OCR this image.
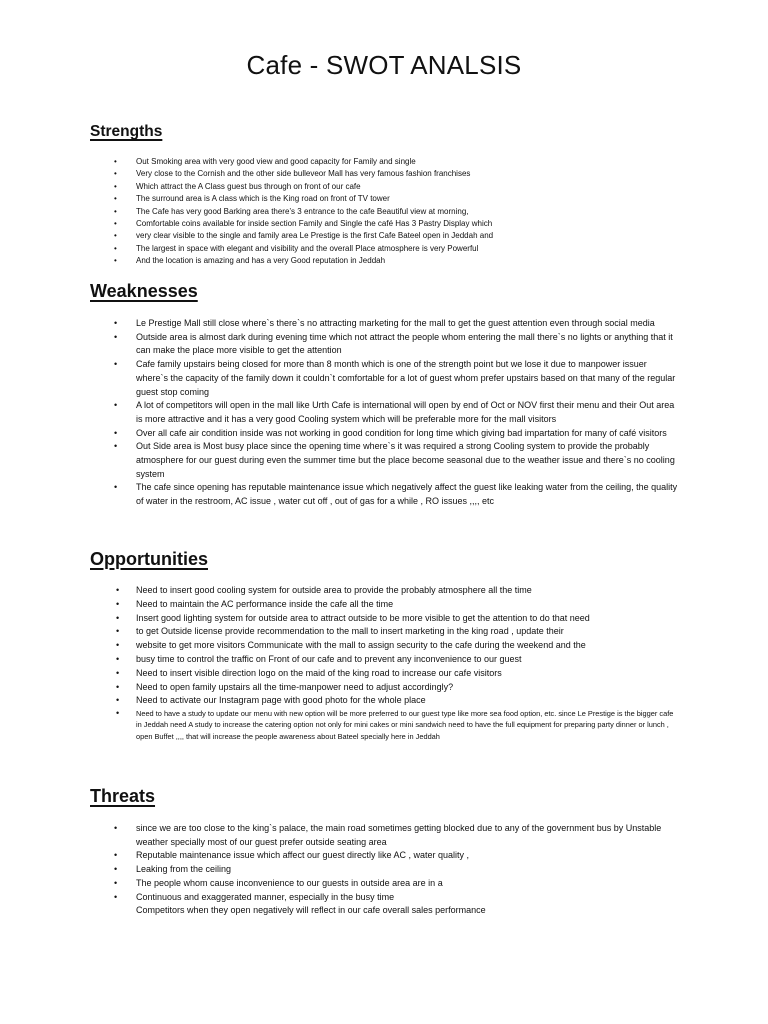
Cafe - SWOT ANALSIS
Strengths
• Out Smoking area with very good view and good capacity for Family and single
• Very close to the Cornish and the other side bulleveor Mall has very famous fashion franchises
• Which attract the A Class guest bus through on front of our cafe
• The surround area is A class which is the King road on front of TV tower
• The Cafe has very good Barking area there’s 3 entrance to the cafe Beautiful view at morning,
• Comfortable coins available for inside section Family and Single the café Has 3 Pastry Display which
• very clear visible to the single and family area Le Prestige is the first Cafe Bateel open in Jeddah and
• The largest in space with elegant and visibility and the overall Place atmosphere is very Powerful
• And the location is amazing and has a very Good reputation in Jeddah
Weaknesses
• Le Prestige Mall still close where`s there`s no attracting marketing for the mall to get the guest attention even through social media
• Outside area is almost dark during evening time which not attract the people whom entering the mall there`s no lights or anything that it can make the place more visible to get the attention
• Cafe family upstairs being closed for more than 8 month which is one of the strength point but we lose it due to manpower issuer where`s the capacity of the family down it couldn`t comfortable for a lot of guest whom prefer upstairs based on that many of the regular guest stop coming
• A lot of competitors will open in the mall like Urth Cafe is international will open by end of Oct or NOV first their menu and their Out area is more attractive and it has a very good Cooling system which will be preferable more for the mall visitors
• Over all cafe air condition inside was not working in good condition for long time which giving bad impartation for many of café visitors
• Out Side area is Most busy place since the opening time where`s it was required a strong Cooling system to provide the probably atmosphere for our guest during even the summer time but the place become seasonal due to the weather issue and there`s no cooling system
• The cafe since opening has reputable maintenance issue which negatively affect the guest like leaking water from the ceiling, the quality of water in the restroom, AC issue , water cut off , out of gas for a while , RO issues ,,,, etc
Opportunities
• Need to insert good cooling system for outside area to provide the probably atmosphere all the time
• Need to maintain the AC performance inside the cafe all the time
• Insert good lighting system for outside area to attract outside to be more visible to get the attention to do that need
• to get Outside license provide recommendation to the mall to insert marketing in the king road , update their
• website to get more visitors Communicate with the mall to assign security to the cafe during the weekend and the
• busy time to control the traffic on Front of our cafe and to prevent any inconvenience to our guest
• Need to insert visible direction logo on the maid of the king road to increase our cafe visitors
• Need to open family upstairs all the time-manpower need to adjust accordingly?
• Need to activate our Instagram page with good photo for the whole place
• Need to have a study to update our menu with new option will be more preferred to our guest type like more sea food option, etc. since Le Prestige is the bigger cafe in Jeddah need A study to increase the catering option not only for mini cakes or mini sandwich need to have the full equipment for preparing party dinner or lunch , open Buffet ,,,, that will increase the people awareness about Bateel specially here in Jeddah
Threats
• since we are too close to the king`s palace, the main road sometimes getting blocked due to any of the government bus by Unstable weather specially most of our guest prefer outside seating area
• Reputable maintenance issue which affect our guest directly like AC , water quality ,
• Leaking from the ceiling
• The people whom cause inconvenience to our guests in outside area are in a
• Continuous and exaggerated manner, especially in the busy time
Competitors when they open negatively will reflect in our cafe overall sales performance
